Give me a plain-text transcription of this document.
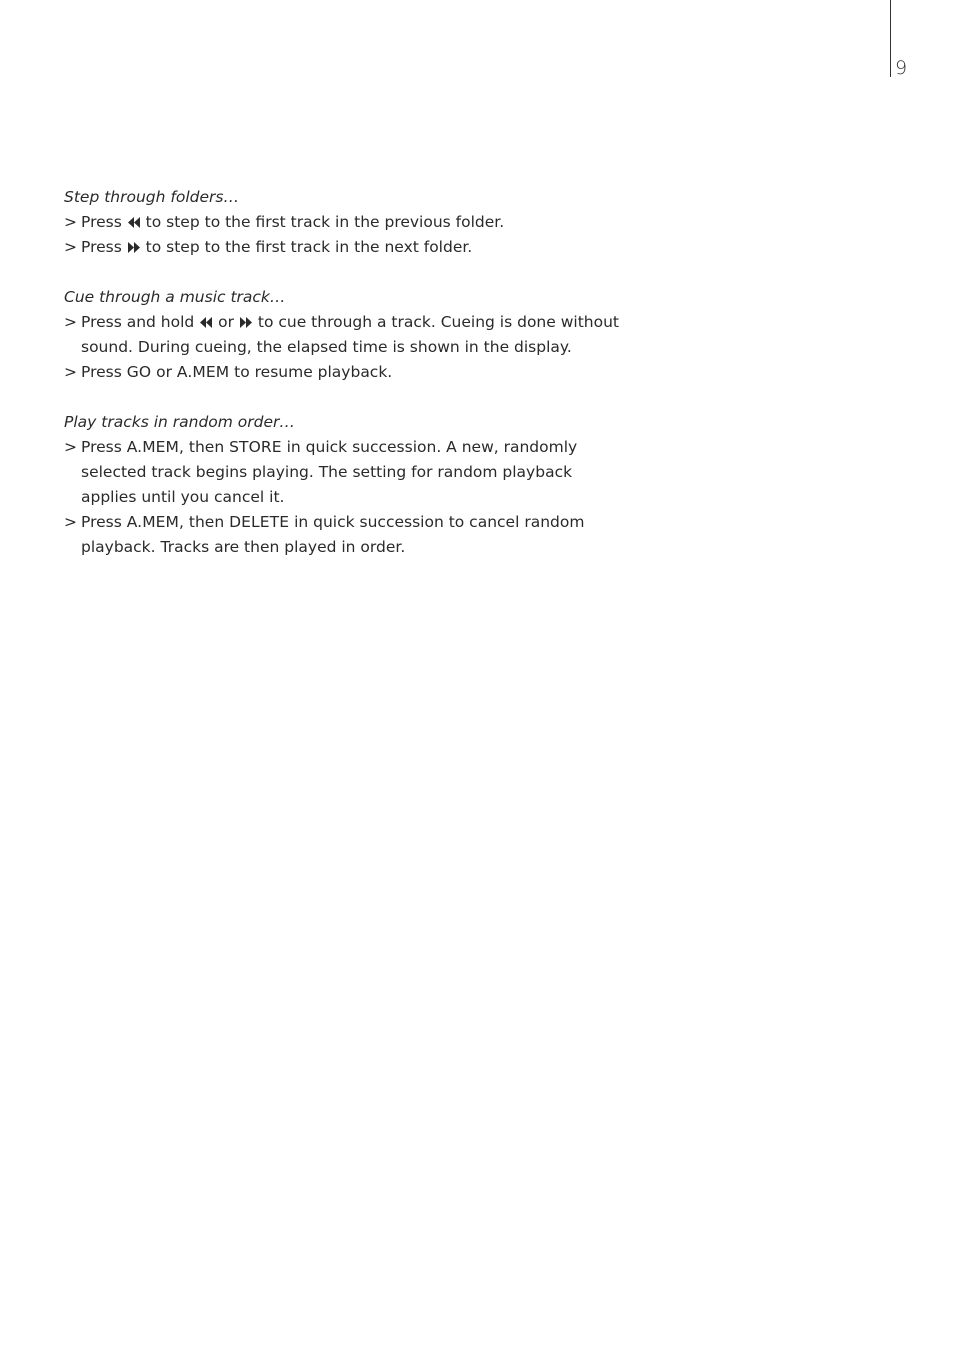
9
Step through folders…
> Press to step to the first track in the previous folder.
> Press to step to the first track in the next folder.
Cue through a music track…
> Press and hold or to cue through a track. Cueing is done without sound. During cueing, the elapsed time is shown in the display.
> Press GO or A.MEM to resume playback.
Play tracks in random order…
> Press A.MEM, then STORE in quick succession. A new, randomly selected track begins playing. The setting for random playback applies until you cancel it.
> Press A.MEM, then DELETE in quick succession to cancel random playback. Tracks are then played in order.
